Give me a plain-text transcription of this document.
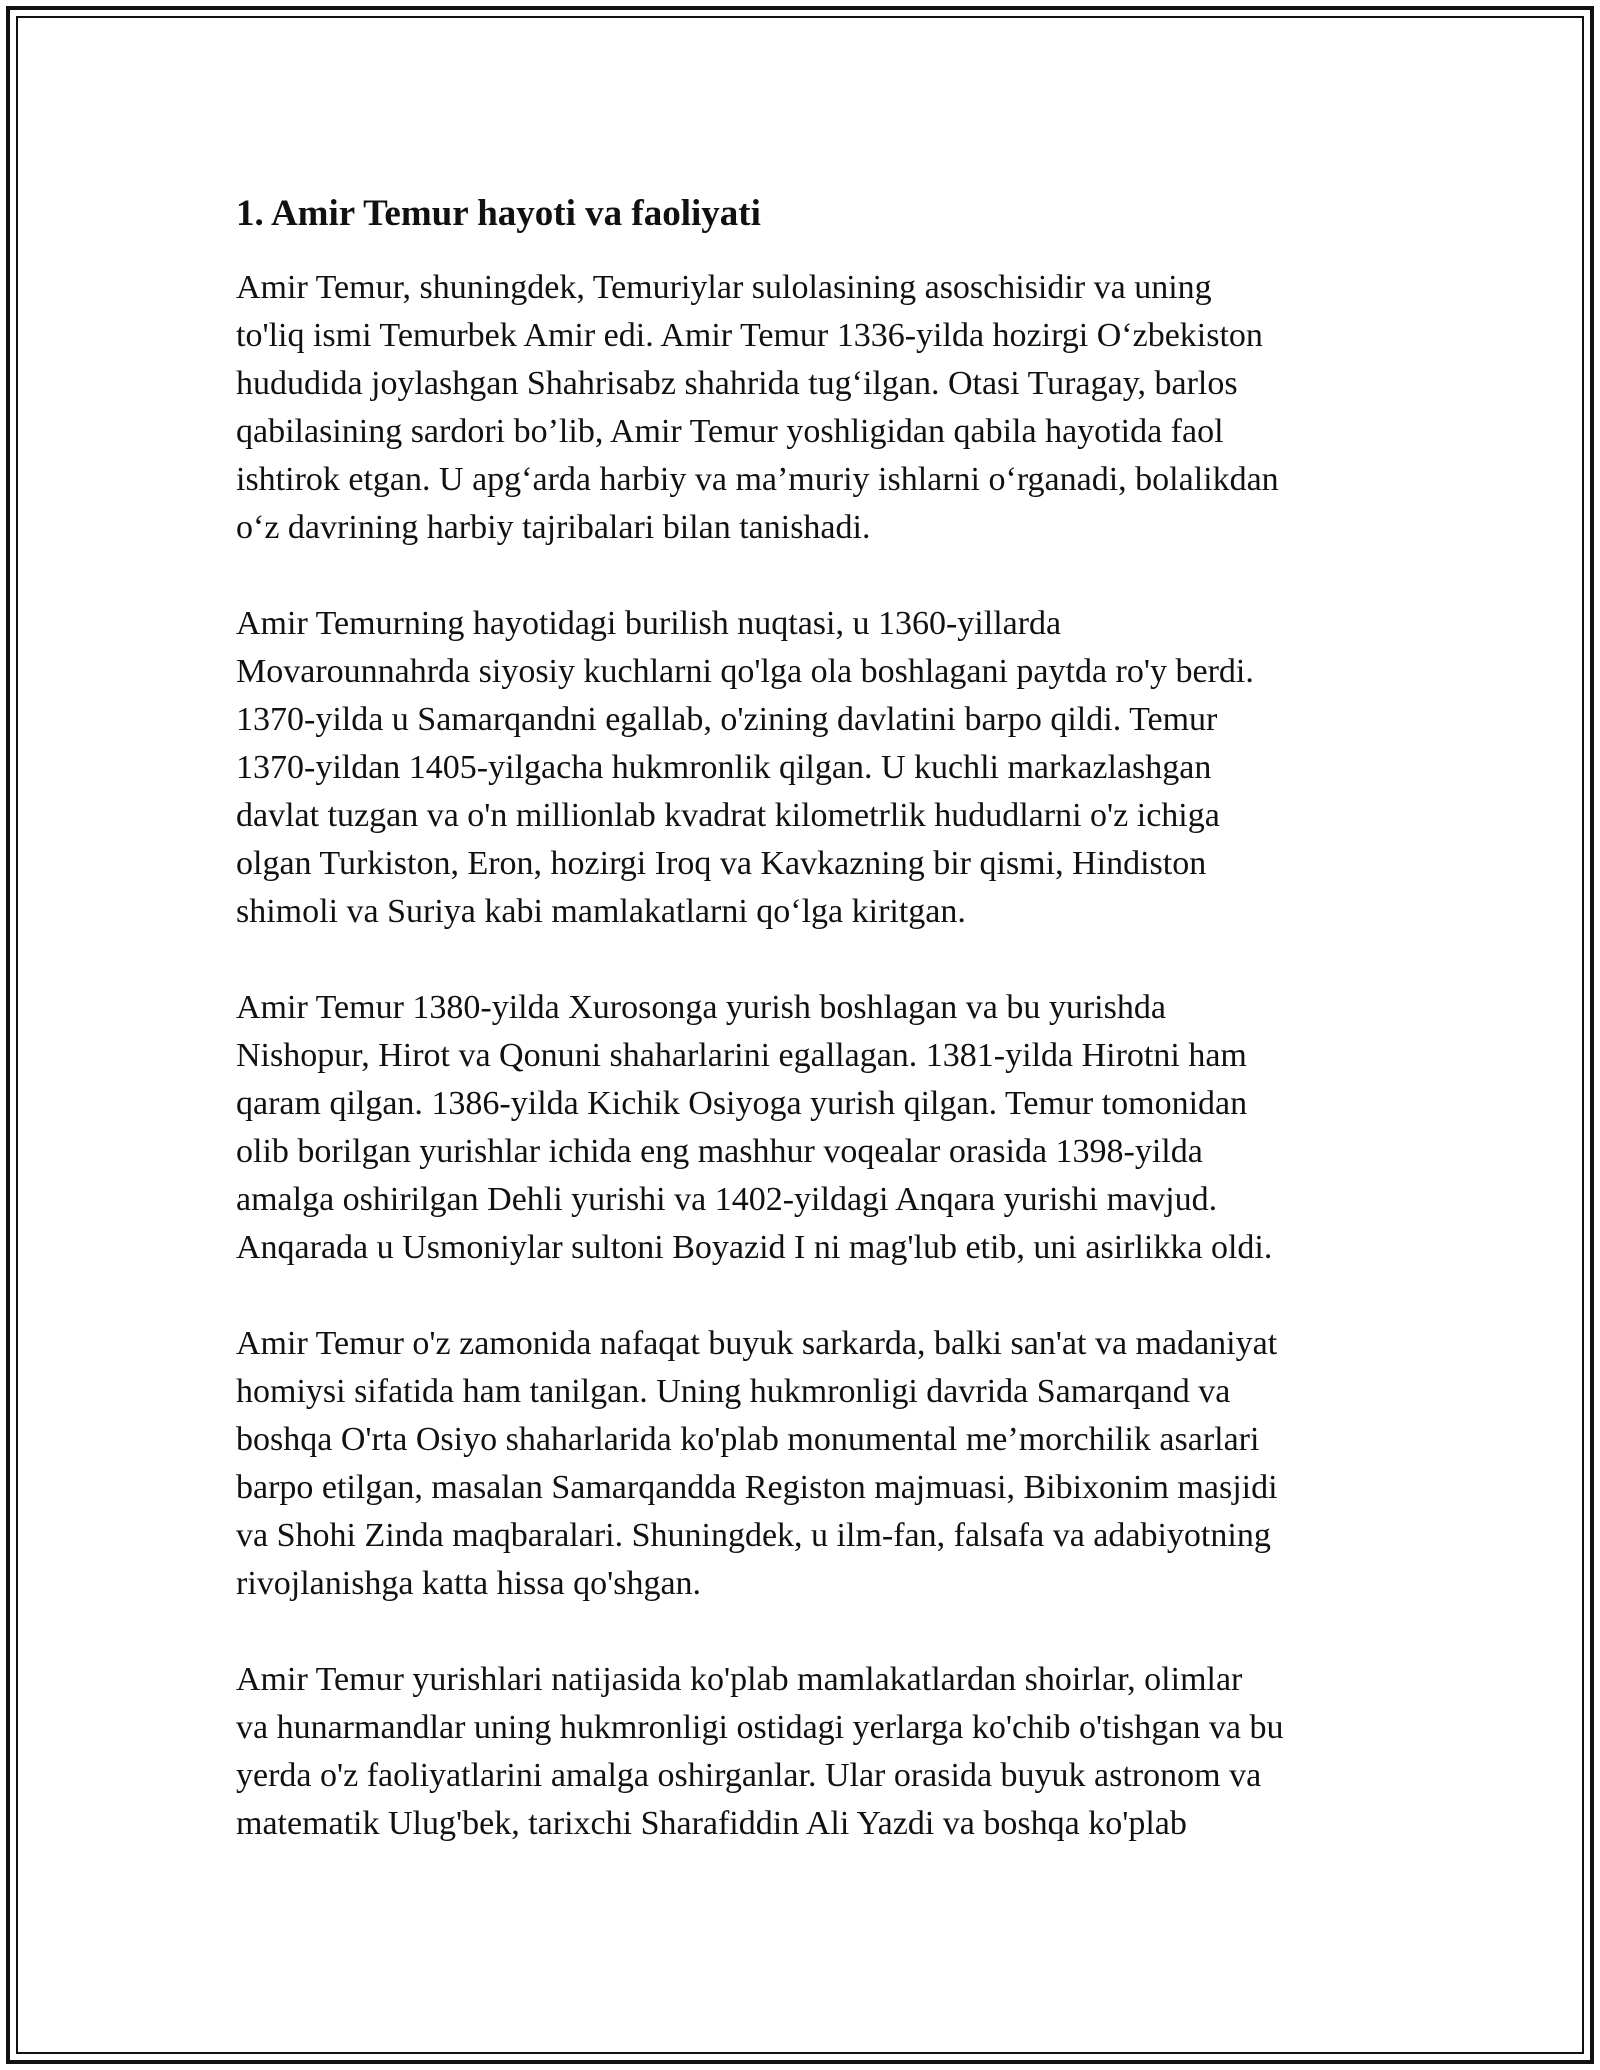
1. Amir Temur hayoti va faoliyati
Amir Temur, shuningdek, Temuriylar sulolasining asoschisidir va uning
to'liq ismi Temurbek Amir edi. Amir Temur 1336-yilda hozirgi O‘zbekiston
hududida joylashgan Shahrisabz shahrida tug‘ilgan. Otasi Turagay, barlos
qabilasining sardori bo’lib, Amir Temur yoshligidan qabila hayotida faol
ishtirok etgan. U apg‘arda harbiy va ma’muriy ishlarni o‘rganadi, bolalikdan
o‘z davrining harbiy tajribalari bilan tanishadi.
Amir Temurning hayotidagi burilish nuqtasi, u 1360-yillarda
Movarounnahrda siyosiy kuchlarni qo'lga ola boshlagani paytda ro'y berdi.
1370-yilda u Samarqandni egallab, o'zining davlatini barpo qildi. Temur
1370-yildan 1405-yilgacha hukmronlik qilgan. U kuchli markazlashgan
davlat tuzgan va o'n millionlab kvadrat kilometrlik hududlarni o'z ichiga
olgan Turkiston, Eron, hozirgi Iroq va Kavkazning bir qismi, Hindiston
shimoli va Suriya kabi mamlakatlarni qo‘lga kiritgan.
Amir Temur 1380-yilda Xurosonga yurish boshlagan va bu yurishda
Nishopur, Hirot va Qonuni shaharlarini egallagan. 1381-yilda Hirotni ham
qaram qilgan. 1386-yilda Kichik Osiyoga yurish qilgan. Temur tomonidan
olib borilgan yurishlar ichida eng mashhur voqealar orasida 1398-yilda
amalga oshirilgan Dehli yurishi va 1402-yildagi Anqara yurishi mavjud.
Anqarada u Usmoniylar sultoni Boyazid I ni mag'lub etib, uni asirlikka oldi.
Amir Temur o'z zamonida nafaqat buyuk sarkarda, balki san'at va madaniyat
homiysi sifatida ham tanilgan. Uning hukmronligi davrida Samarqand va
boshqa O'rta Osiyo shaharlarida ko'plab monumental me’morchilik asarlari
barpo etilgan, masalan Samarqandda Registon majmuasi, Bibixonim masjidi
va Shohi Zinda maqbaralari. Shuningdek, u ilm-fan, falsafa va adabiyotning
rivojlanishga katta hissa qo'shgan.
Amir Temur yurishlari natijasida ko'plab mamlakatlardan shoirlar, olimlar
va hunarmandlar uning hukmronligi ostidagi yerlarga ko'chib o'tishgan va bu
yerda o'z faoliyatlarini amalga oshirganlar. Ular orasida buyuk astronom va
matematik Ulug'bek, tarixchi Sharafiddin Ali Yazdi va boshqa ko'plab
